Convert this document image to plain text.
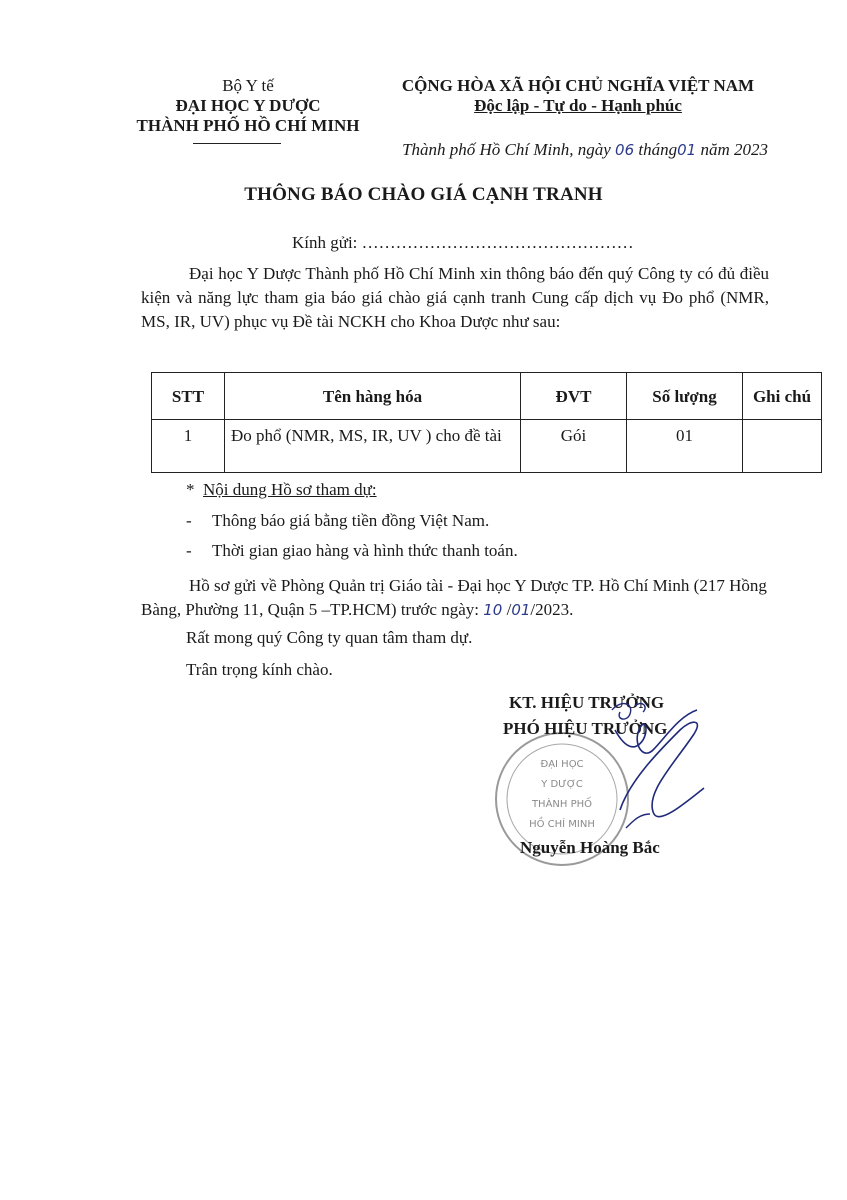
Bộ Y tế
ĐẠI HỌC Y DƯỢC
THÀNH PHỐ HỒ CHÍ MINH
CỘNG HÒA XÃ HỘI CHỦ NGHĨA VIỆT NAM
Độc lập - Tự do - Hạnh phúc
Thành phố Hồ Chí Minh, ngày 06 tháng01 năm 2023
THÔNG BÁO CHÀO GIÁ CẠNH TRANH
Kính gửi: …………………………………………
Đại học Y Dược Thành phố Hồ Chí Minh xin thông báo đến quý Công ty có đủ điều kiện và năng lực tham gia báo giá chào giá cạnh tranh Cung cấp dịch vụ Đo phổ (NMR, MS, IR, UV) phục vụ Đề tài NCKH cho Khoa Dược như sau:
STT	Tên hàng hóa	ĐVT	Số lượng	Ghi chú
1	Đo phổ (NMR, MS, IR, UV ) cho đề tài	Gói	01	
* Nội dung Hồ sơ tham dự:
- Thông báo giá bằng tiền đồng Việt Nam.
- Thời gian giao hàng và hình thức thanh toán.
Hồ sơ gửi về Phòng Quản trị Giáo tài - Đại học Y Dược TP. Hồ Chí Minh (217 Hồng Bàng, Phường 11, Quận 5 –TP.HCM) trước ngày: 10 /01/2023.
Rất mong quý Công ty quan tâm tham dự.
Trân trọng kính chào.
ĐẠI HỌC
Y DƯỢC
THÀNH PHỐ
HỒ CHÍ MINH
KT. HIỆU TRƯỞNG
PHÓ HIỆU TRƯỞNG
Nguyễn Hoàng Bắc
